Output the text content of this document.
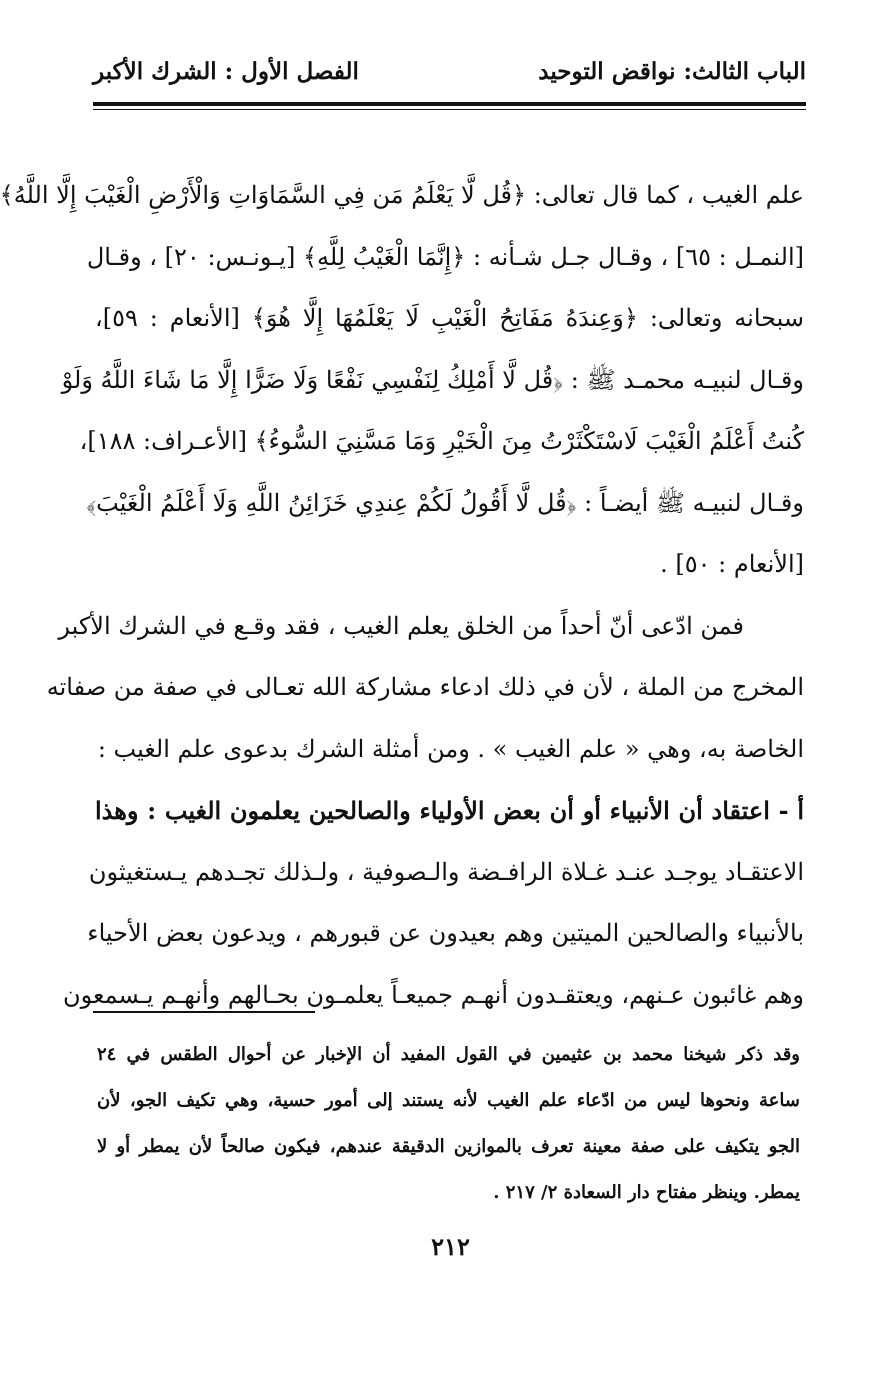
الباب الثالث: نواقض التوحيد
الفصل الأول : الشرك الأكبر
علم الغيب ، كما قال تعالى: ﴿قُل لَّا يَعْلَمُ مَن فِي السَّمَاوَاتِ وَالْأَرْضِ الْغَيْبَ إِلَّا اللَّهُ﴾
[النمـل : ٦٥] ، وقـال جـل شـأنه : ﴿إِنَّمَا الْغَيْبُ لِلَّهِ﴾ [يـونـس: ٢٠] ، وقـال
سبحانه وتعالى: ﴿وَعِندَهُ مَفَاتِحُ الْغَيْبِ لَا يَعْلَمُهَا إِلَّا هُوَ﴾ [الأنعام : ٥٩]،
وقـال لنبيـه محمـد ﷺ : ﴿قُل لَّا أَمْلِكُ لِنَفْسِي نَفْعًا وَلَا ضَرًّا إِلَّا مَا شَاءَ اللَّهُ وَلَوْ
كُنتُ أَعْلَمُ الْغَيْبَ لَاسْتَكْثَرْتُ مِنَ الْخَيْرِ وَمَا مَسَّنِيَ السُّوءُ﴾ [الأعـراف: ١٨٨]،
وقـال لنبيـه ﷺ أيضـاً : ﴿قُل لَّا أَقُولُ لَكُمْ عِندِي خَزَائِنُ اللَّهِ وَلَا أَعْلَمُ الْغَيْبَ﴾
[الأنعام : ٥٠] .
فمن ادّعى أنّ أحداً من الخلق يعلم الغيب ، فقد وقـع في الشرك الأكبر
المخرج من الملة ، لأن في ذلك ادعاء مشاركة الله تعـالى في صفة من صفاته
الخاصة به، وهي « علم الغيب » . ومن أمثلة الشرك بدعوى علم الغيب :
أ - اعتقاد أن الأنبياء أو أن بعض الأولياء والصالحين يعلمون الغيب : وهذا
الاعتقـاد يوجـد عنـد غـلاة الرافـضة والـصوفية ، ولـذلك تجـدهم يـستغيثون
بالأنبياء والصالحين الميتين وهم بعيدون عن قبورهم ، ويدعون بعض الأحياء
وهم غائبون عـنهم، ويعتقـدون أنهـم جميعـاً يعلمـون بحـالهم وأنهـم يـسمعون
وقد ذكر شيخنا محمد بن عثيمين في القول المفيد أن الإخبار عن أحوال الطقس في ٢٤
ساعة ونحوها ليس من ادّعاء علم الغيب لأنه يستند إلى أمور حسية، وهي تكيف الجو، لأن
الجو يتكيف على صفة معينة تعرف بالموازين الدقيقة عندهم، فيكون صالحاً لأن يمطر أو لا
يمطر. وينظر مفتاح دار السعادة ٢/ ٢١٧ .
٢١٢
